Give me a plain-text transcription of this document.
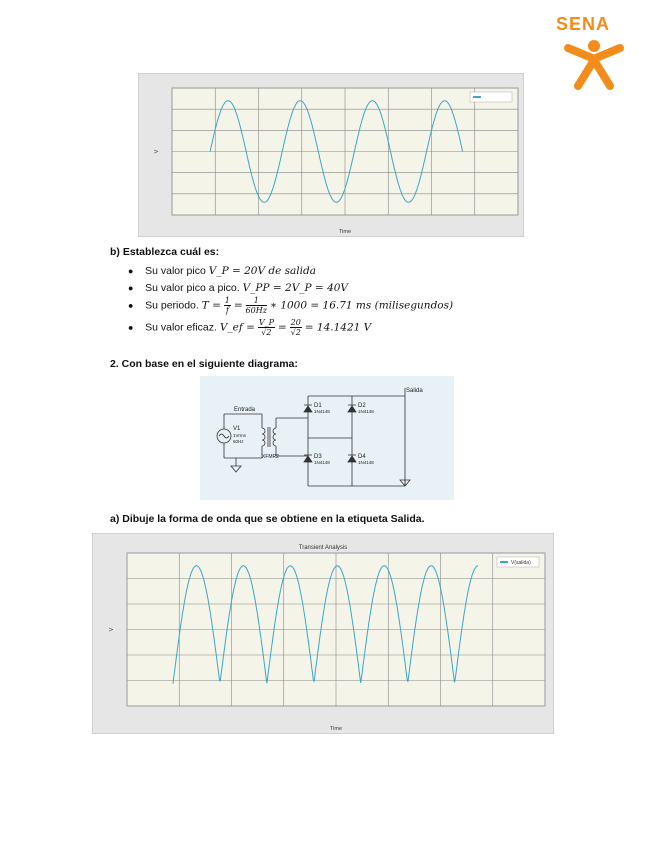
SENA
Time
V
b) Establezca cuál es:
● Su valor pico V_P = 20V de salida
● Su valor pico a pico. V_PP = 2V_P = 40V
● Su periodo. $T = \frac{1}{f} = \frac{1}{60Hz}$ ∗ 1000 = 16.71 ms (milisegundos)
● Su valor eficaz. V_ef = $\frac{V\_P}{√2} = \frac{20}{√2} = 14.1421$ V
2. Con base en el siguiente diagrama:
Entrada
Salida
V1
1Vrms
60Hz
XFMR2
D1
1N4148
D2
1N4148
D3
1N4148
D4
1N4148
a) Dibuje la forma de onda que se obtiene en la etiqueta Salida.
V(salida)
Transient Analysis
Time
V
